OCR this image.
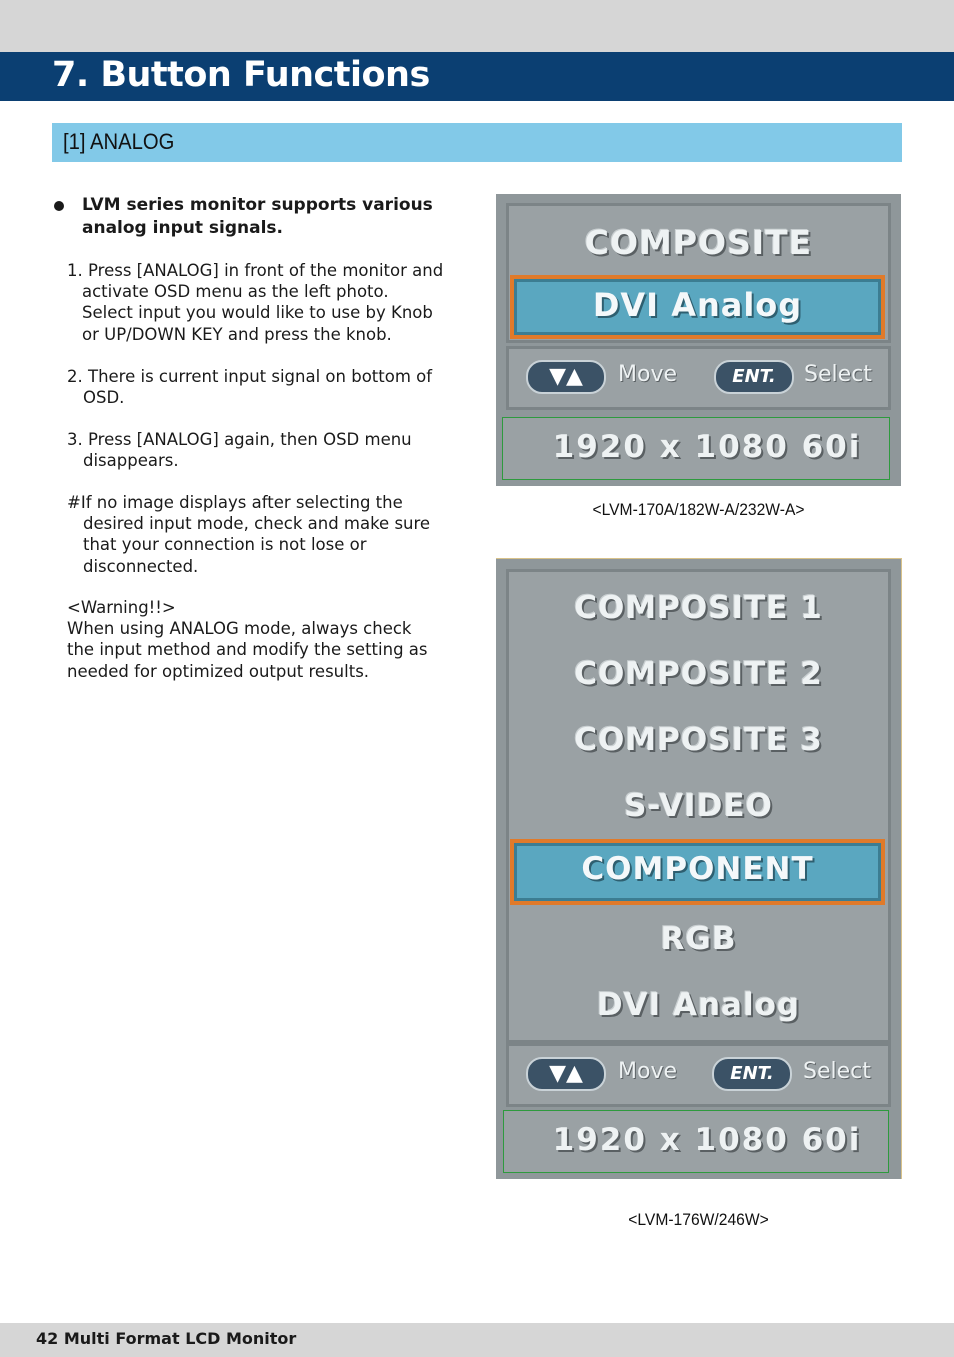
7. Button Functions
[1] ANALOG
LVM series monitor supports various analog input signals.
1. Press [ANALOG] in front of the monitor and
activate OSD menu as the left photo.
Select input you would like to use by Knob
or UP/DOWN KEY and press the knob.
2. There is current input signal on bottom of
OSD.
3. Press [ANALOG] again, then OSD menu
disappears.
#If no image displays after selecting the
desired input mode, check and make sure
that your connection is not lose or
disconnected.
<Warning!!>
When using ANALOG mode, always check
the input method and modify the setting as
needed for optimized output results.
COMPOSITE
DVI Analog
▼▲	Move	ENT.	Select
1920 x 1080 60i
<LVM-170A/182W-A/232W-A>
COMPOSITE 1
COMPOSITE 2
COMPOSITE 3
S-VIDEO
RGB
DVI Analog
COMPONENT
▼▲	Move	ENT.	Select
1920 x 1080 60i
<LVM-176W/246W>
42 Multi Format LCD Monitor
